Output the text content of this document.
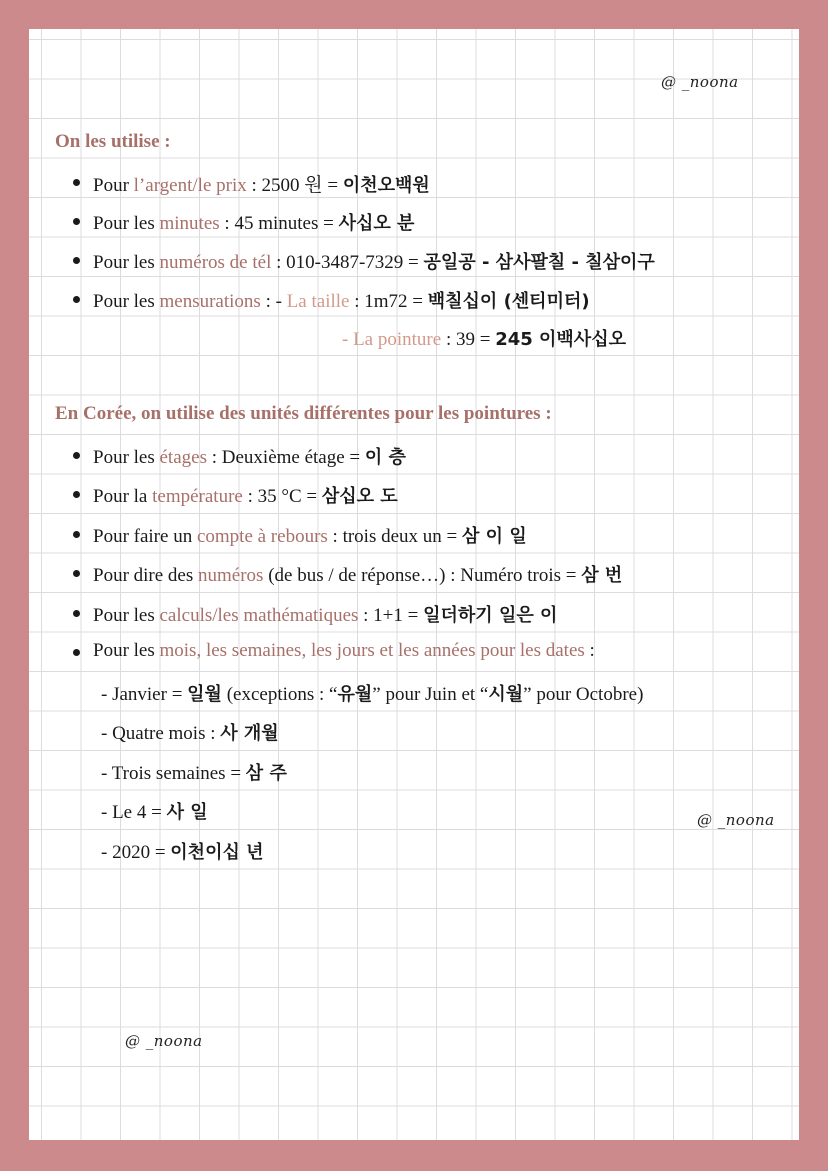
@ _noona
On les utilise :
Pour l’argent/le prix : 2500 원 = 이천오백원
Pour les minutes : 45 minutes = 사십오 분
Pour les numéros de tél : 010-3487-7329 = 공일공 - 삼사팔칠 - 칠삼이구
Pour les mensurations : - La taille : 1m72 = 백칠십이 (센티미터)
- La pointure : 39 = 245 이백사십오
En Corée, on utilise des unités différentes pour les pointures :
Pour les étages : Deuxième étage = 이 층
Pour la température : 35 °C = 삼십오 도
Pour faire un compte à rebours : trois deux un = 삼 이 일
Pour dire des numéros (de bus / de réponse…) : Numéro trois = 삼 번
Pour les calculs/les mathématiques : 1+1 = 일더하기 일은 이
Pour les mois, les semaines, les jours et les années pour les dates :
- Janvier = 일월 (exceptions : “유월” pour Juin et “시월” pour Octobre)
- Quatre mois : 사 개월
- Trois semaines = 삼 주
- Le 4 = 사 일
- 2020 = 이천이십 년
@ _noona
@ _noona
